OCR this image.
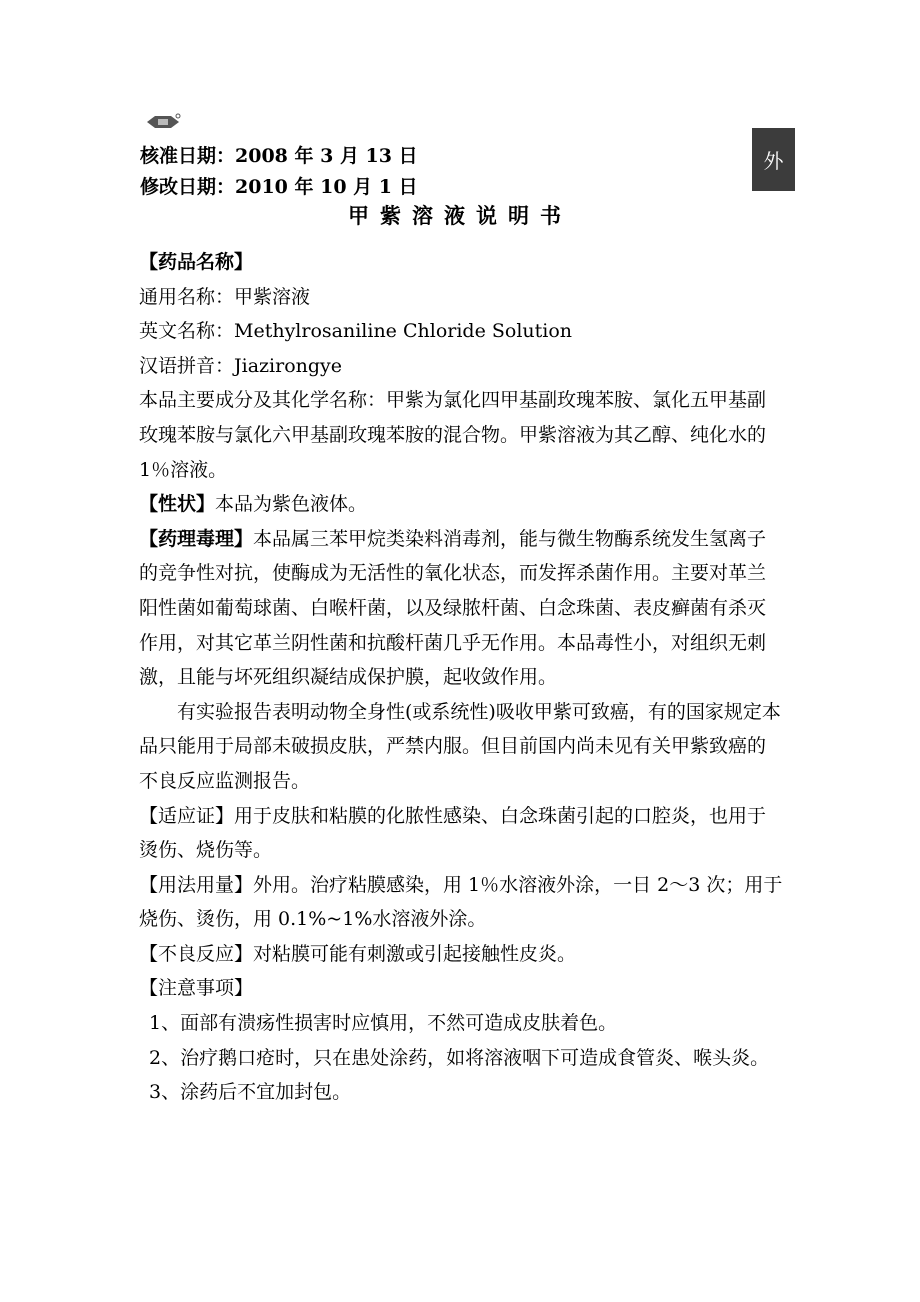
外
核准日期：2008 年 3 月 13 日
修改日期：2010 年 10 月 1 日
甲紫溶液说明书

【药品名称】

通用名称：甲紫溶液

英文名称：Methylrosaniline Chloride Solution

汉语拼音：Jiazirongye

本品主要成分及其化学名称：甲紫为氯化四甲基副玫瑰苯胺、氯化五甲基副玫瑰苯胺与氯化六甲基副玫瑰苯胺的混合物。甲紫溶液为其乙醇、纯化水的 1％溶液。

【性状】本品为紫色液体。

【药理毒理】本品属三苯甲烷类染料消毒剂，能与微生物酶系统发生氢离子的竞争性对抗，使酶成为无活性的氧化状态，而发挥杀菌作用。主要对革兰阳性菌如葡萄球菌、白喉杆菌，以及绿脓杆菌、白念珠菌、表皮癣菌有杀灭作用，对其它革兰阴性菌和抗酸杆菌几乎无作用。本品毒性小，对组织无刺激，且能与坏死组织凝结成保护膜，起收敛作用。

有实验报告表明动物全身性(或系统性)吸收甲紫可致癌，有的国家规定本品只能用于局部未破损皮肤，严禁内服。但目前国内尚未见有关甲紫致癌的不良反应监测报告。

【适应证】用于皮肤和粘膜的化脓性感染、白念珠菌引起的口腔炎，也用于烫伤、烧伤等。

【用法用量】外用。治疗粘膜感染，用 1％水溶液外涂，一日 2～3 次；用于烧伤、烫伤，用 0.1%~1%水溶液外涂。

【不良反应】对粘膜可能有刺激或引起接触性皮炎。

【注意事项】

1、面部有溃疡性损害时应慎用，不然可造成皮肤着色。

2、治疗鹅口疮时，只在患处涂药，如将溶液咽下可造成食管炎、喉头炎。

3、涂药后不宜加封包。
